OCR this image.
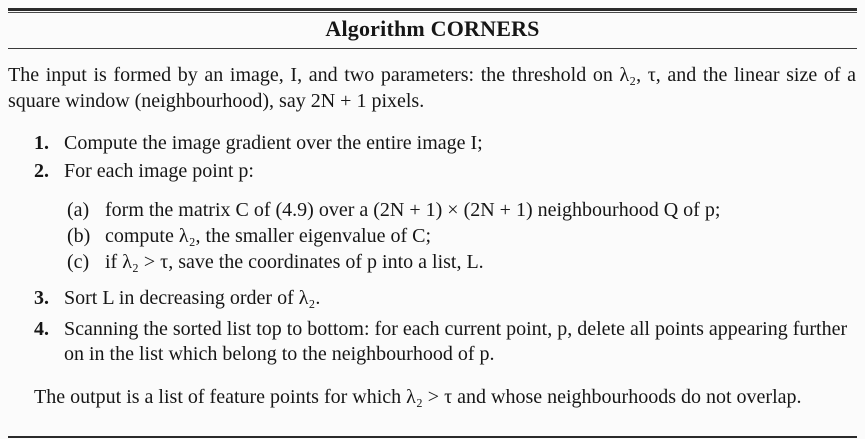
Algorithm CORNERS
The input is formed by an image, I, and two parameters: the threshold on λ₂, τ, and the linear size of a square window (neighbourhood), say 2N + 1 pixels.
1. Compute the image gradient over the entire image I;
2. For each image point p:
(a) form the matrix C of (4.9) over a (2N + 1) × (2N + 1) neighbourhood Q of p;
(b) compute λ₂, the smaller eigenvalue of C;
(c) if λ₂ > τ, save the coordinates of p into a list, L.
3. Sort L in decreasing order of λ₂.
4. Scanning the sorted list top to bottom: for each current point, p, delete all points appearing further on in the list which belong to the neighbourhood of p.
The output is a list of feature points for which λ₂ > τ and whose neighbourhoods do not overlap.
